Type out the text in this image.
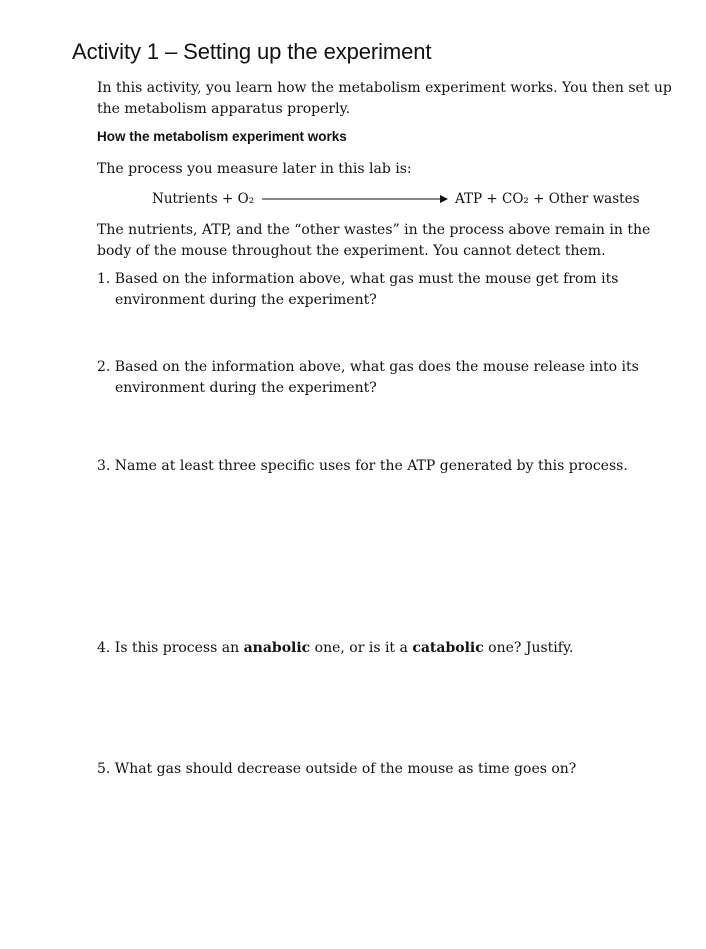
Activity 1 – Setting up the experiment

In this activity, you learn how the metabolism experiment works. You then set up the metabolism apparatus properly.

How the metabolism experiment works
The process you measure later in this lab is:
Nutrients + O₂	ATP + CO₂ + Other wastes

The nutrients, ATP, and the “other wastes” in the process above remain in the body of the mouse throughout the experiment. You cannot detect them.

1. Based on the information above, what gas must the mouse get from its
environment during the experiment?
2. Based on the information above, what gas does the mouse release into its
environment during the experiment?
3. Name at least three specific uses for the ATP generated by this process.
4. Is this process an anabolic one, or is it a catabolic one? Justify.
5. What gas should decrease outside of the mouse as time goes on?
